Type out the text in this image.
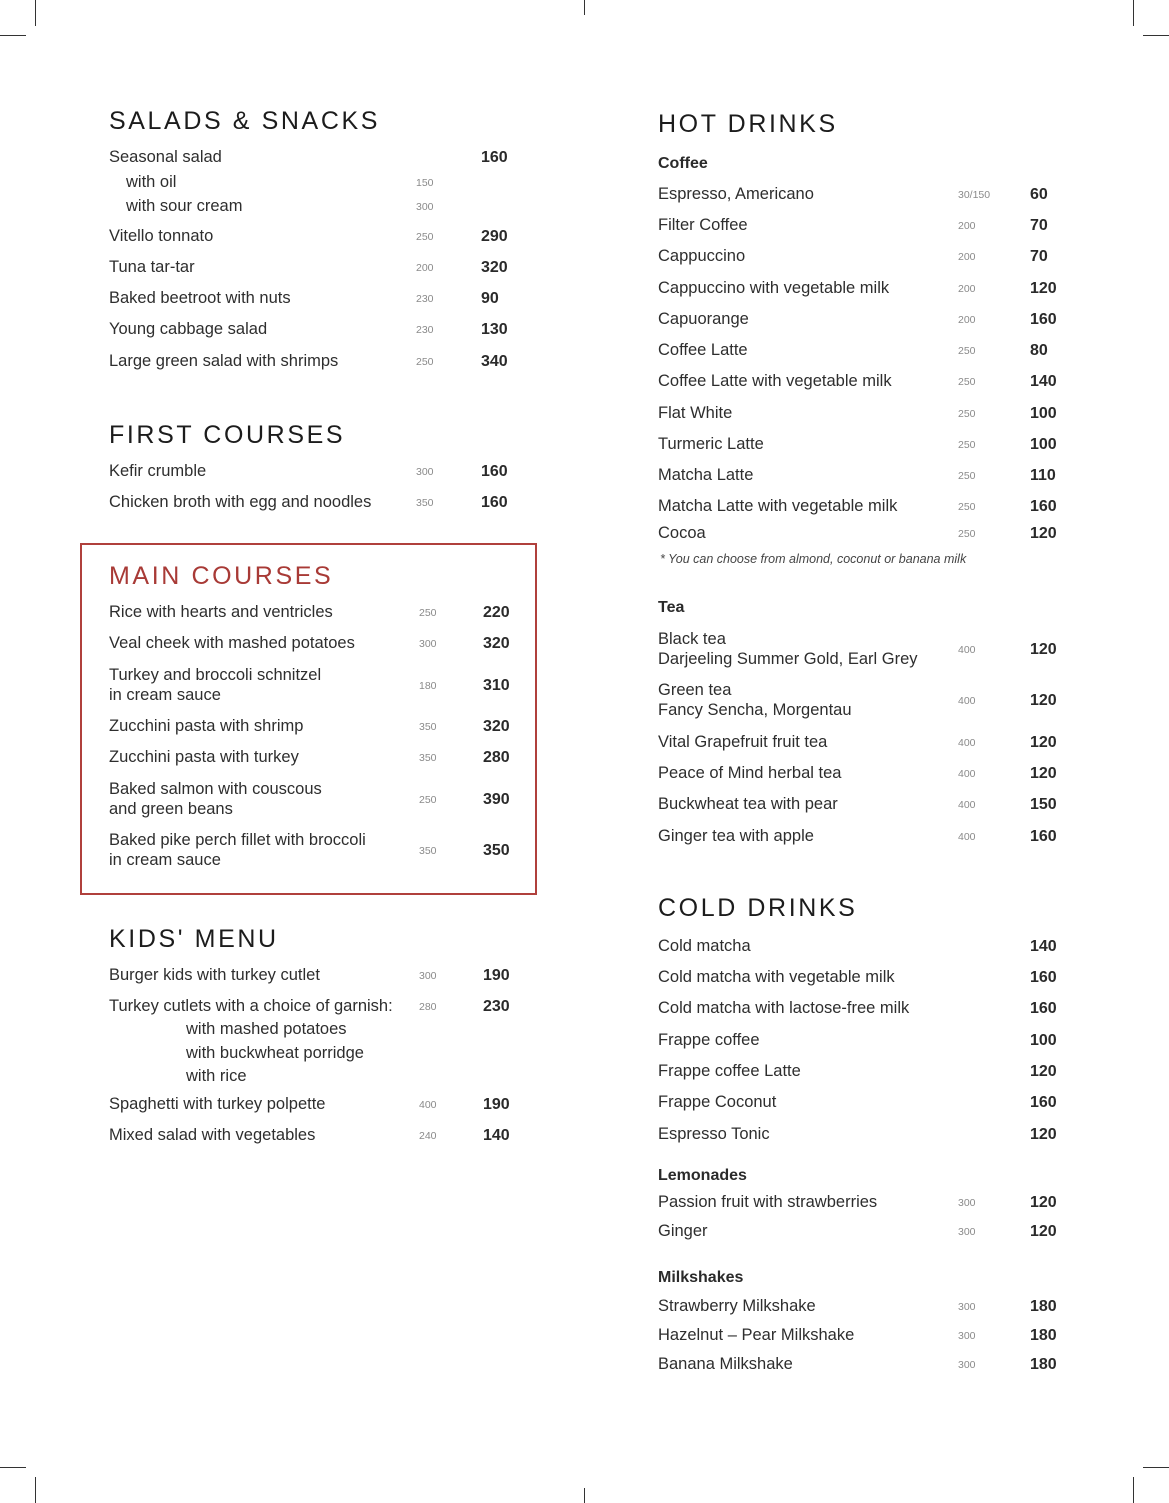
SALADS & SNACKS
Seasonal salad	160
with oil	150
with sour cream	300
Vitello tonnato	250	290
Tuna tar-tar	200	320
Baked beetroot with nuts	230	90
Young cabbage salad	230	130
Large green salad with shrimps	250	340
FIRST COURSES
Kefir crumble	300	160
Chicken broth with egg and noodles	350	160
MAIN COURSES
Rice with hearts and ventricles	250	220
Veal cheek with mashed potatoes	300	320
Turkey and broccoli schnitzel
in cream sauce	180	310
Zucchini pasta with shrimp	350	320
Zucchini pasta with turkey	350	280
Baked salmon with couscous
and green beans	250	390
Baked pike perch fillet with broccoli
in cream sauce	350	350
KIDS' MENU
Burger kids with turkey cutlet	300	190
Turkey cutlets with a choice of garnish:	280	230
with mashed potatoes
with buckwheat porridge
with rice
Spaghetti with turkey polpette	400	190
Mixed salad with vegetables	240	140
HOT DRINKS
Coffee
Espresso, Americano	30/150 60
Filter Coffee	200	70
Cappuccino	200	70
Cappuccino with vegetable milk	200	120
Capuorange	200	160
Coffee Latte	250	80
Coffee Latte with vegetable milk	250	140
Flat White	250	100
Turmeric Latte	250	100
Matcha Latte	250	110
Matcha Latte with vegetable milk	250	160
Cocoa	250	120
* You can choose from almond, coconut or banana milk
Tea
Black tea
Darjeeling Summer Gold, Earl Grey	400	120
Green tea
Fancy Sencha, Morgentau	400	120
Vital Grapefruit fruit tea	400	120
Peace of Mind herbal tea	400	120
Buckwheat tea with pear	400	150
Ginger tea with apple	400	160
COLD DRINKS
Cold matcha	140
Cold matcha with vegetable milk	160
Cold matcha with lactose-free milk	160
Frappe coffee	100
Frappe coffee Latte	120
Frappe Coconut	160
Espresso Tonic	120
Lemonades
Passion fruit with strawberries	300	120
Ginger	300	120
Milkshakes
Strawberry Milkshake	300	180
Hazelnut – Pear Milkshake	300	180
Banana Milkshake	300	180
